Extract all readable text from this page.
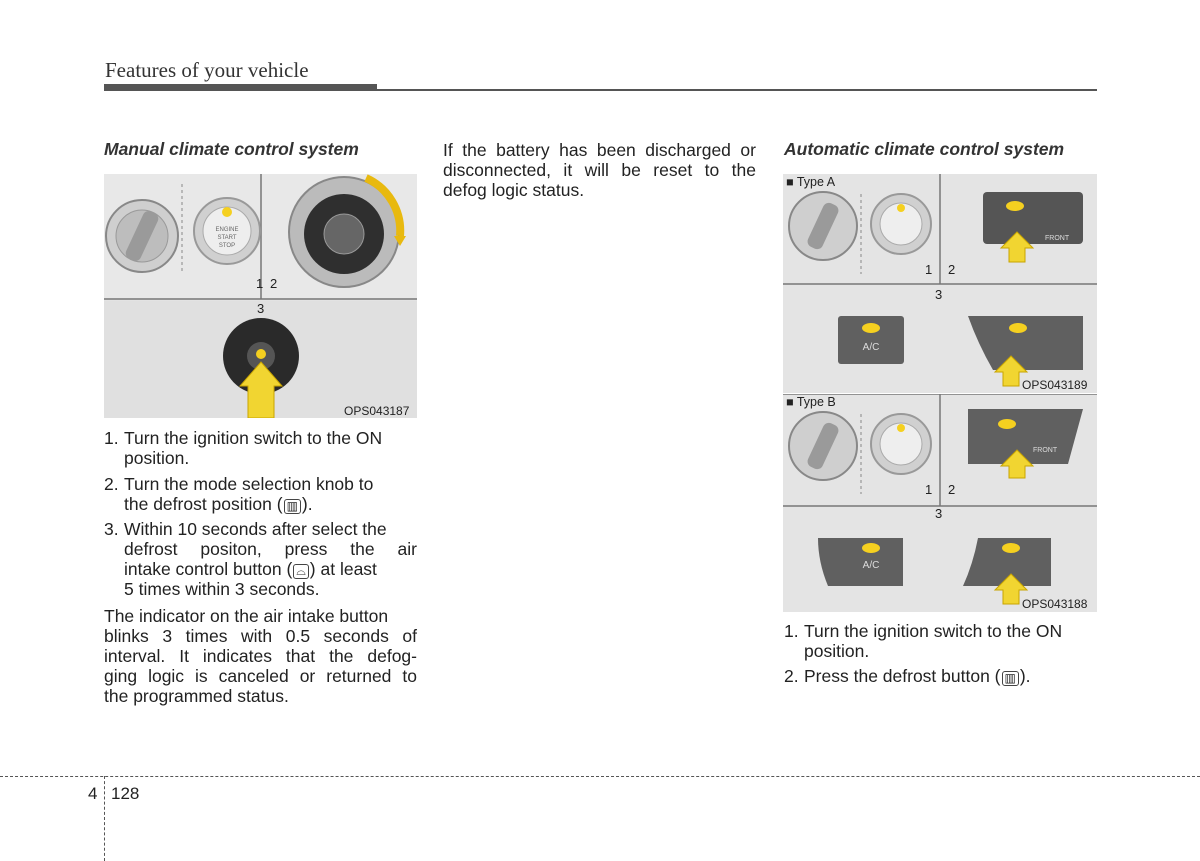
Features of your vehicle
Manual climate control system
ENGINE
START
STOP
1 2
3
OPS043187
1. Turn the ignition switch to the ON
position.
2. Turn the mode selection knob to
the defrost position ( ▥ ).
3. Within 10 seconds after select the
defrost positon, press the air
intake control button ( ⌓ ) at least
5 times within 3 seconds.
The indicator on the air intake button
blinks 3 times with 0.5 seconds of
interval. It indicates that the defog-
ging logic is canceled or returned to
the programmed status.
If the battery has been discharged or
disconnected, it will be reset to the
defog logic status.
Automatic climate control system
FRONT
A/C
■ Type A
1 2
3
OPS043189
FRONT
A/C
■ Type B
1 2
3
OPS043188
1. Turn the ignition switch to the ON
position.
2. Press the defrost button ( ▥ ).
4 128
